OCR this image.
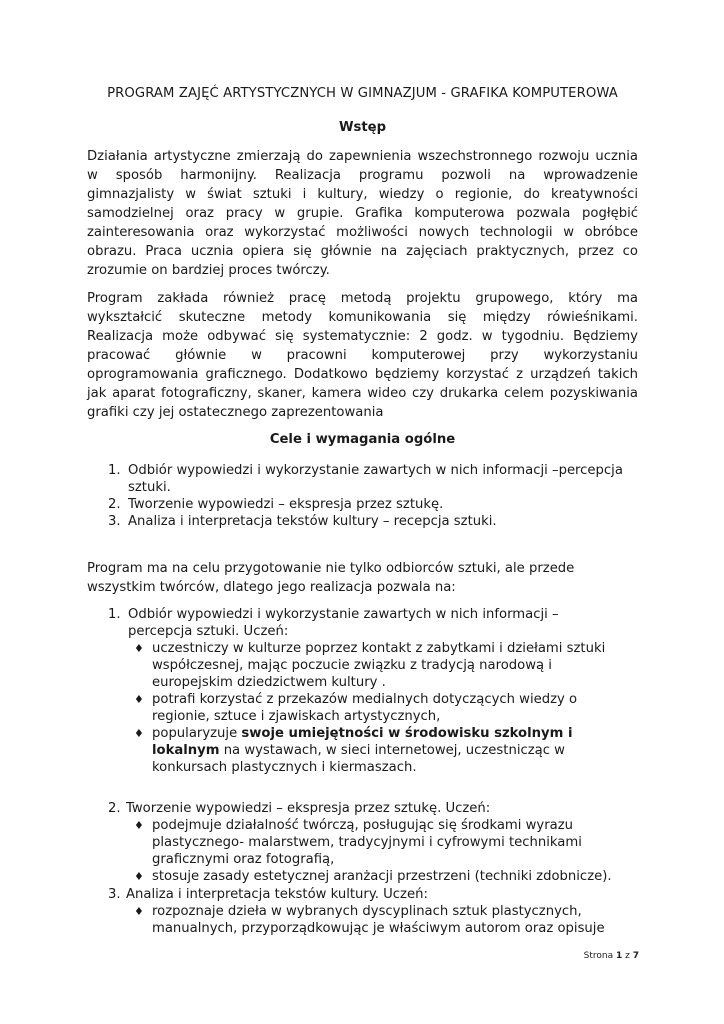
PROGRAM ZAJĘĆ ARTYSTYCZNYCH W GIMNAZJUM - GRAFIKA KOMPUTEROWA
Wstęp
Działania artystyczne zmierzają do zapewnienia wszechstronnego rozwoju ucznia
w sposób harmonijny. Realizacja programu pozwoli na wprowadzenie
gimnazjalisty w świat sztuki i kultury, wiedzy o regionie, do kreatywności
samodzielnej oraz pracy w grupie. Grafika komputerowa pozwala pogłębić
zainteresowania oraz wykorzystać możliwości nowych technologii w obróbce
obrazu. Praca ucznia opiera się głównie na zajęciach praktycznych, przez co
zrozumie on bardziej proces twórczy.
Program zakłada również pracę metodą projektu grupowego, który ma
wykształcić skuteczne metody komunikowania się między rówieśnikami.
Realizacja może odbywać się systematycznie: 2 godz. w tygodniu. Będziemy
pracować głównie w pracowni komputerowej przy wykorzystaniu
oprogramowania graficznego. Dodatkowo będziemy korzystać z urządzeń takich
jak aparat fotograficzny, skaner, kamera wideo czy drukarka celem pozyskiwania
grafiki czy jej ostatecznego zaprezentowania
Cele i wymagania ogólne
1. Odbiór wypowiedzi i wykorzystanie zawartych w nich informacji –percepcja
sztuki.
2. Tworzenie wypowiedzi – ekspresja przez sztukę.
3. Analiza i interpretacja tekstów kultury – recepcja sztuki.
Program ma na celu przygotowanie nie tylko odbiorców sztuki, ale przede
wszystkim twórców, dlatego jego realizacja pozwala na:
1. Odbiór wypowiedzi i wykorzystanie zawartych w nich informacji –
percepcja sztuki. Uczeń:
♦ uczestniczy w kulturze poprzez kontakt z zabytkami i dziełami sztuki
współczesnej, mając poczucie związku z tradycją narodową i
europejskim dziedzictwem kultury .
♦ potrafi korzystać z przekazów medialnych dotyczących wiedzy o
regionie, sztuce i zjawiskach artystycznych,
♦ popularyzuje swoje umiejętności w środowisku szkolnym i
lokalnym na wystawach, w sieci internetowej, uczestnicząc w
konkursach plastycznych i kiermaszach.
2. Tworzenie wypowiedzi – ekspresja przez sztukę. Uczeń:
♦ podejmuje działalność twórczą, posługując się środkami wyrazu
plastycznego- malarstwem, tradycyjnymi i cyfrowymi technikami
graficznymi oraz fotografią,
♦ stosuje zasady estetycznej aranżacji przestrzeni (techniki zdobnicze).
3. Analiza i interpretacja tekstów kultury. Uczeń:
♦ rozpoznaje dzieła w wybranych dyscyplinach sztuk plastycznych,
manualnych, przyporządkowując je właściwym autorom oraz opisuje
Strona 1 z 7
